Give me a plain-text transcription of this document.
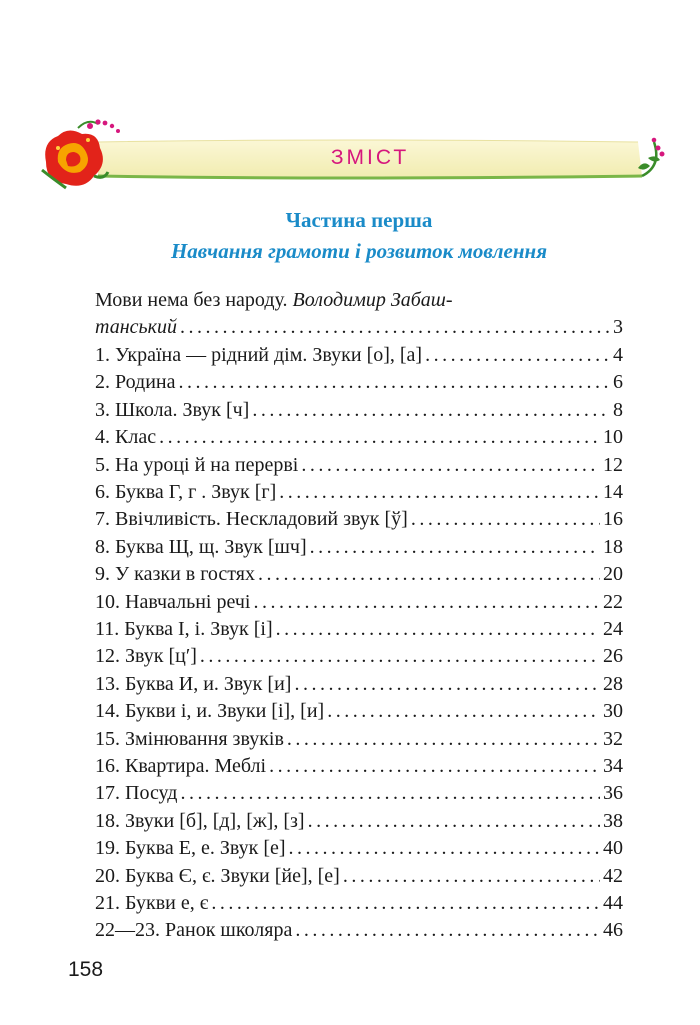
ЗМІСТ
Частина перша
Навчання грамоти і розвиток мовлення
Мови нема без народу. Володимир Забаш-
танський .....	3
1. Україна — рідний дім. Звуки [о], [а] .....	4
2. Родина .....	6
3. Школа. Звук [ч] .....	8
4. Клас .....	10
5. На уроці й на перерві .....	12
6. Буква Г, г . Звук [г] .....	14
7. Ввічливість. Нескладовий звук [ў] .....	16
8. Буква Щ, щ. Звук [шч] .....	18
9. У казки в гостях .....	20
10. Навчальні речі .....	22
11. Буква І, і. Звук [і] .....	24
12. Звук [ц′] .....	26
13. Буква И, и. Звук [и] .....	28
14. Букви і, и. Звуки [і], [и] .....	30
15. Змінювання звуків .....	32
16. Квартира. Меблі .....	34
17. Посуд .....	36
18. Звуки [б], [д], [ж], [з] .....	38
19. Буква Е, е. Звук [е] .....	40
20. Буква Є, є. Звуки [йе], [е] .....	42
21. Букви е, є .....	44
22—23. Ранок школяра .....	46
158
